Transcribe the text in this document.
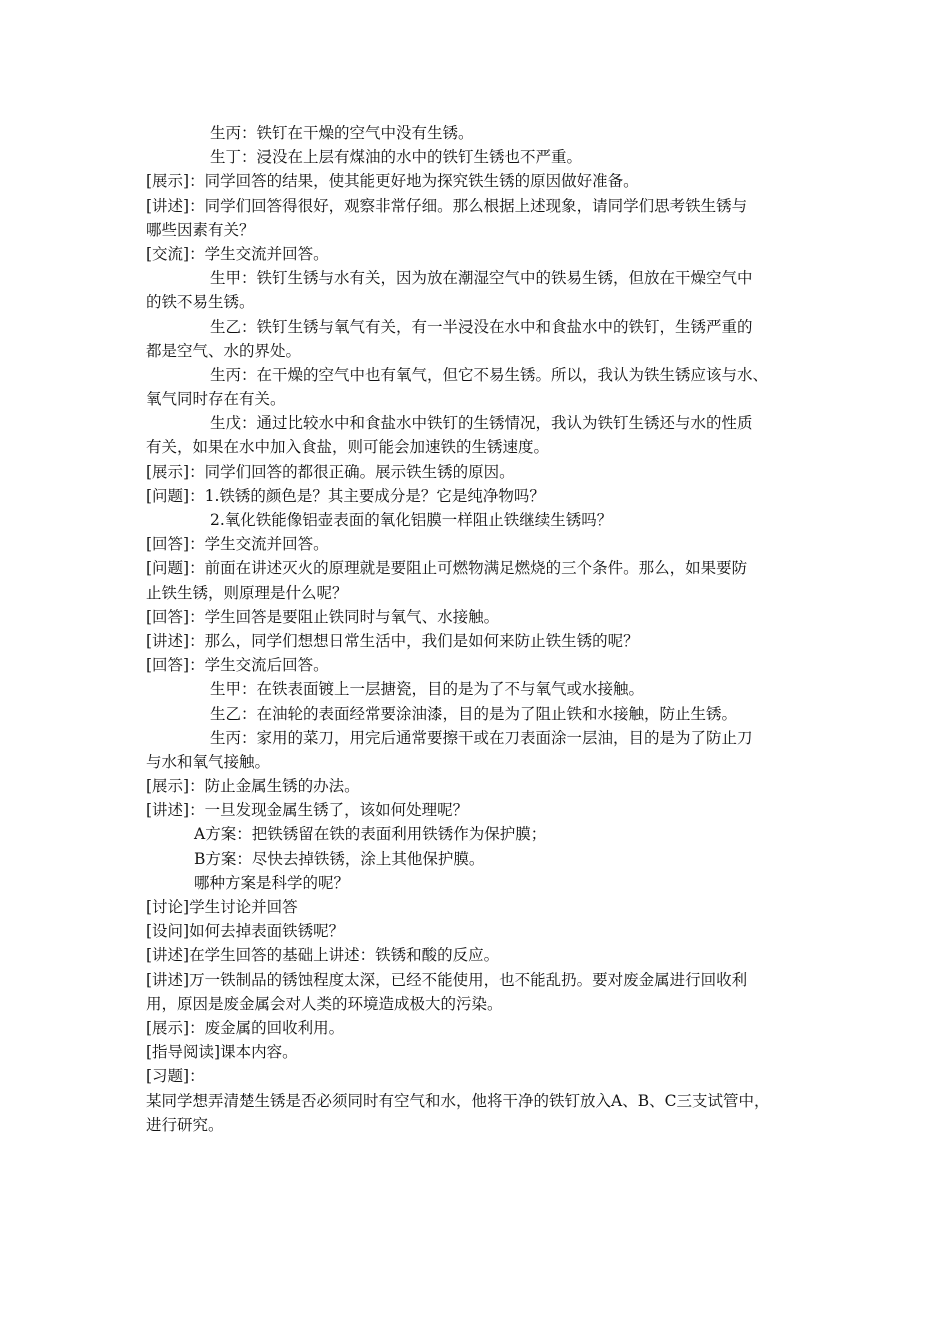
生丙：铁钉在干燥的空气中没有生锈。
生丁：浸没在上层有煤油的水中的铁钉生锈也不严重。
[展示]：同学回答的结果，使其能更好地为探究铁生锈的原因做好准备。
[讲述]：同学们回答得很好，观察非常仔细。那么根据上述现象，请同学们思考铁生锈与
哪些因素有关？
[交流]：学生交流并回答。
生甲：铁钉生锈与水有关，因为放在潮湿空气中的铁易生锈，但放在干燥空气中
的铁不易生锈。
生乙：铁钉生锈与氧气有关，有一半浸没在水中和食盐水中的铁钉，生锈严重的
都是空气、水的界处。
生丙：在干燥的空气中也有氧气，但它不易生锈。所以，我认为铁生锈应该与水、
氧气同时存在有关。
生戊：通过比较水中和食盐水中铁钉的生锈情况，我认为铁钉生锈还与水的性质
有关，如果在水中加入食盐，则可能会加速铁的生锈速度。
[展示]：同学们回答的都很正确。展示铁生锈的原因。
[问题]：1.铁锈的颜色是？其主要成分是？它是纯净物吗？
2.氧化铁能像铝壶表面的氧化铝膜一样阻止铁继续生锈吗？
[回答]：学生交流并回答。
[问题]：前面在讲述灭火的原理就是要阻止可燃物满足燃烧的三个条件。那么，如果要防
止铁生锈，则原理是什么呢？
[回答]：学生回答是要阻止铁同时与氧气、水接触。
[讲述]：那么，同学们想想日常生活中，我们是如何来防止铁生锈的呢？
[回答]：学生交流后回答。
生甲：在铁表面镀上一层搪瓷，目的是为了不与氧气或水接触。
生乙：在油轮的表面经常要涂油漆，目的是为了阻止铁和水接触，防止生锈。
生丙：家用的菜刀，用完后通常要擦干或在刀表面涂一层油，目的是为了防止刀
与水和氧气接触。
[展示]：防止金属生锈的办法。
[讲述]：一旦发现金属生锈了，该如何处理呢？
A方案：把铁锈留在铁的表面利用铁锈作为保护膜；
B方案：尽快去掉铁锈，涂上其他保护膜。
哪种方案是科学的呢？
[讨论]学生讨论并回答
[设问]如何去掉表面铁锈呢？
[讲述]在学生回答的基础上讲述：铁锈和酸的反应。
[讲述]万一铁制品的锈蚀程度太深，已经不能使用，也不能乱扔。要对废金属进行回收利
用，原因是废金属会对人类的环境造成极大的污染。
[展示]：废金属的回收利用。
[指导阅读]课本内容。
[习题]：
某同学想弄清楚生锈是否必须同时有空气和水，他将干净的铁钉放入A、B、C三支试管中，
进行研究。
